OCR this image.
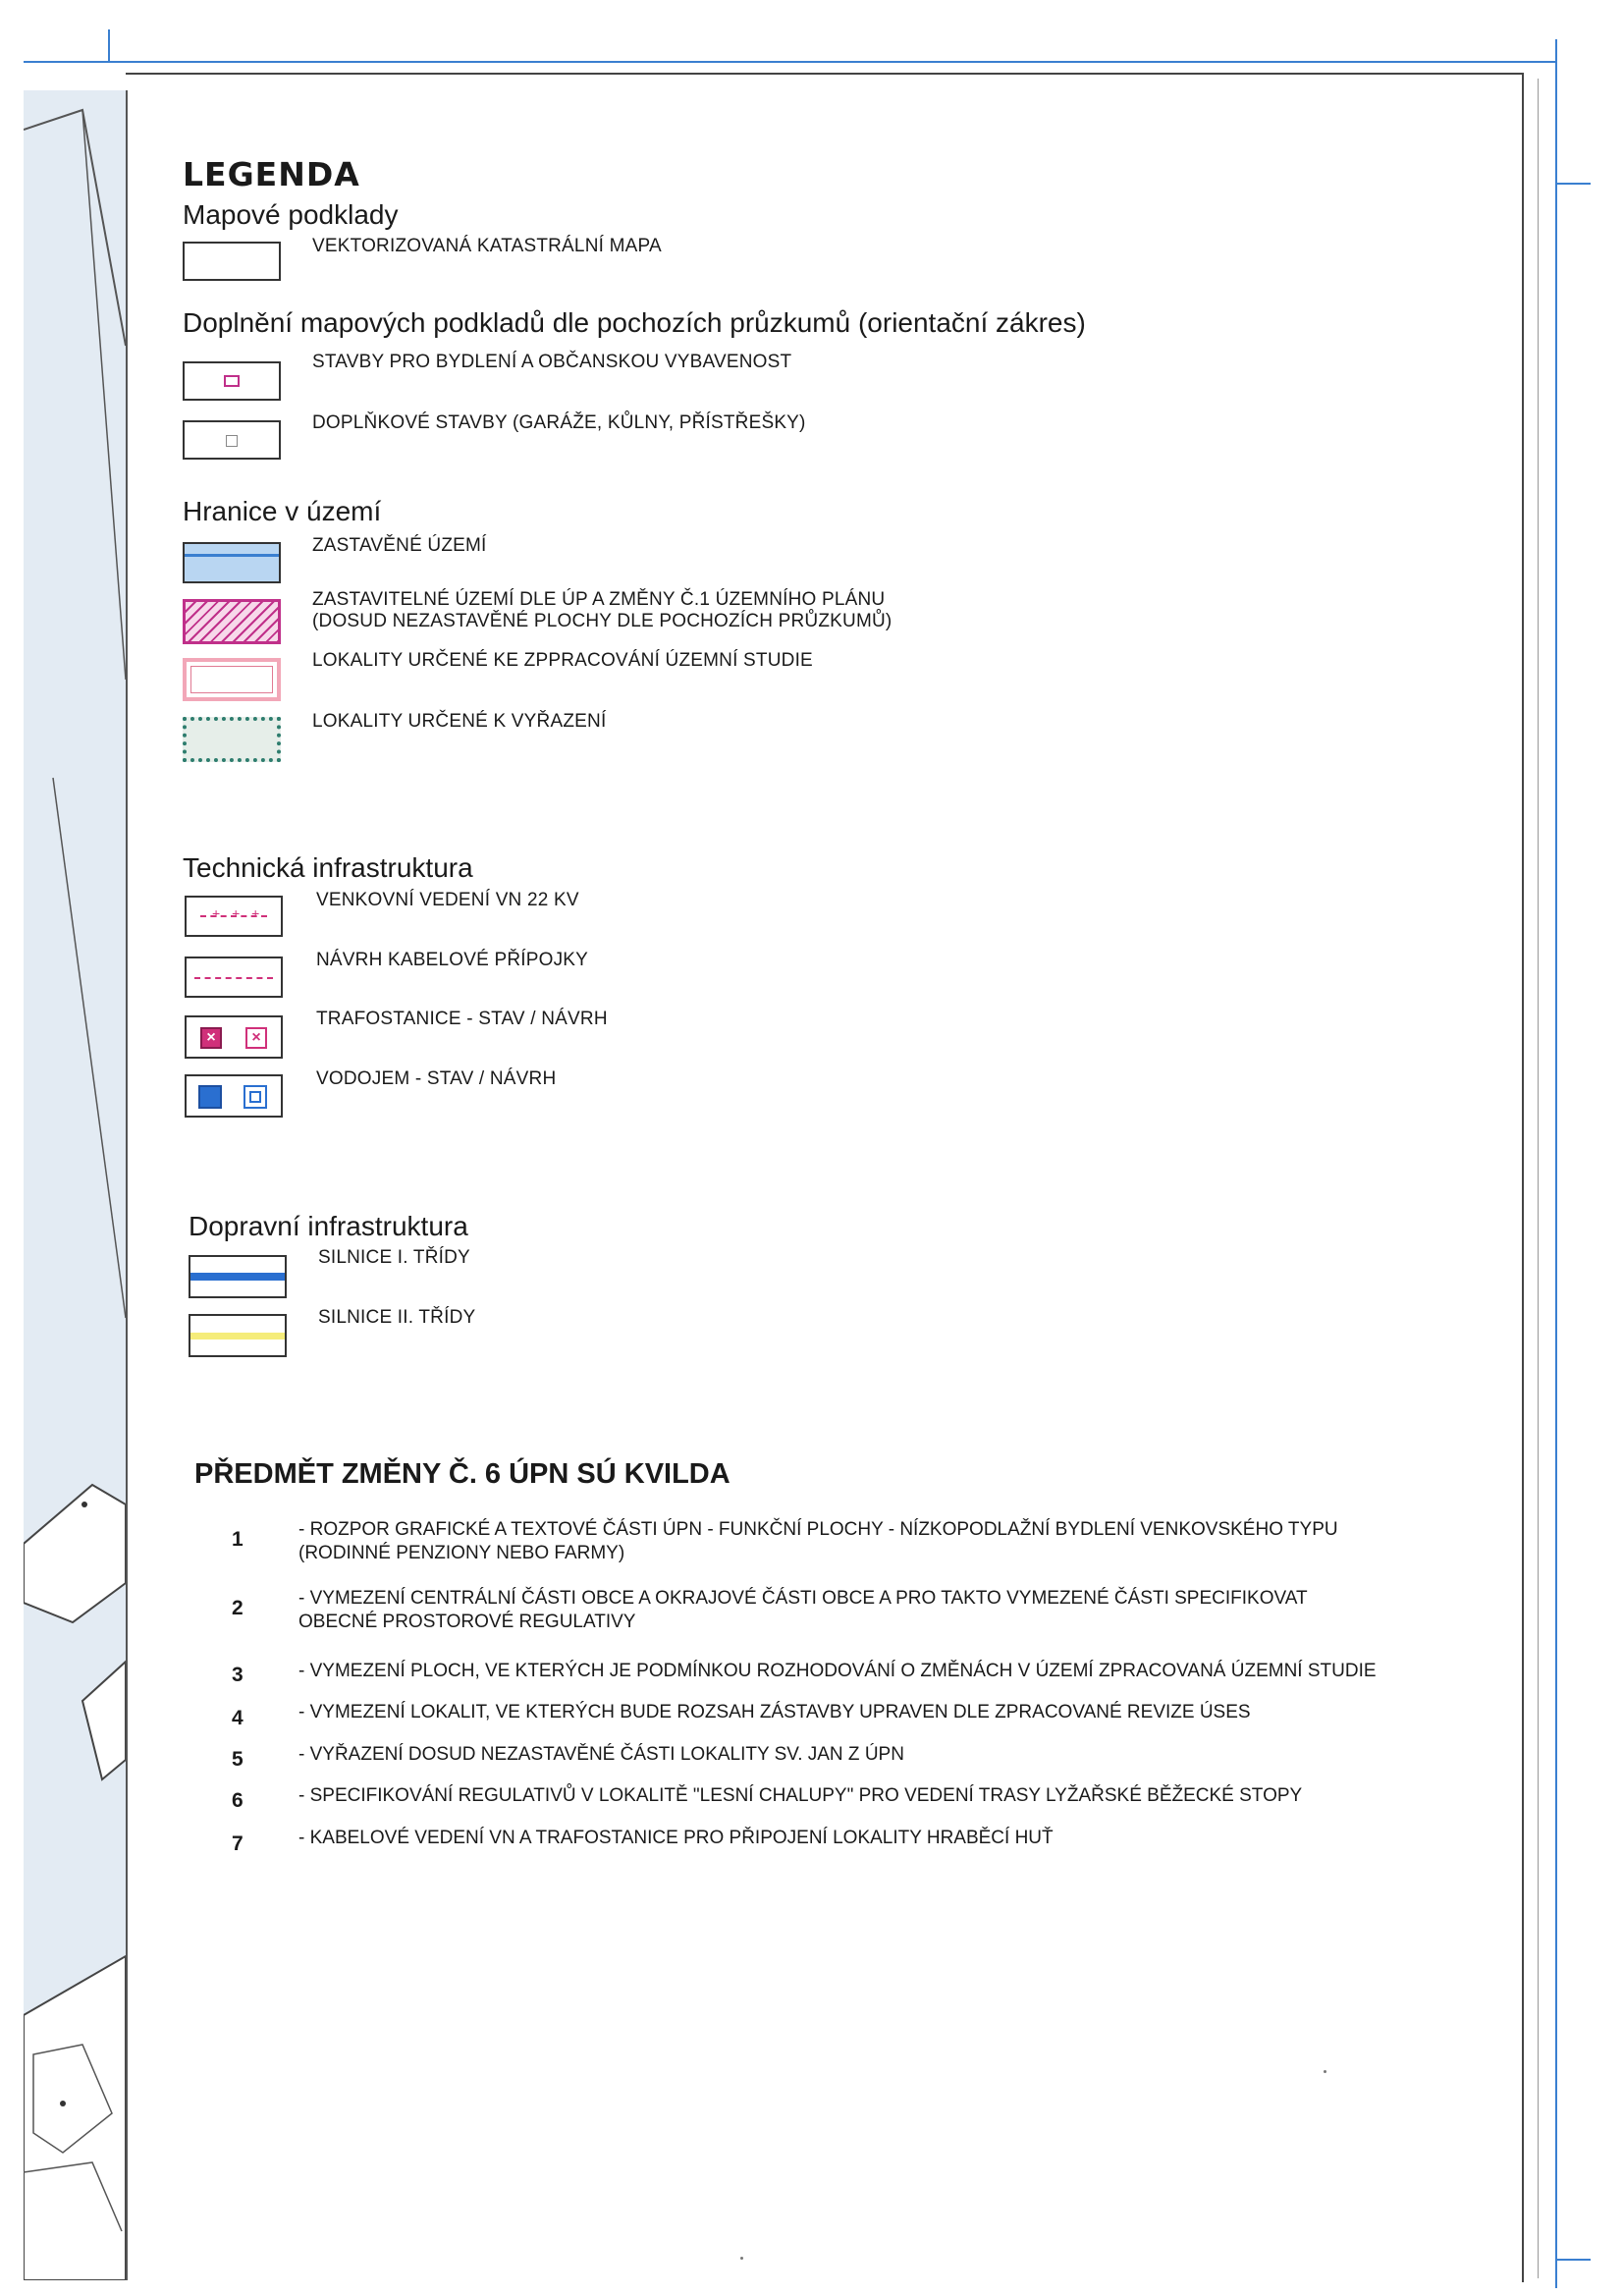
LEGENDA
Mapové podklady
VEKTORIZOVANÁ KATASTRÁLNÍ MAPA
Doplnění mapových podkladů dle pochozích průzkumů (orientační zákres)
STAVBY PRO BYDLENÍ A OBČANSKOU VYBAVENOST
DOPLŇKOVÉ STAVBY (GARÁŽE, KŮLNY, PŘÍSTŘEŠKY)
Hranice v území
ZASTAVĚNÉ ÚZEMÍ
ZASTAVITELNÉ ÚZEMÍ DLE ÚP A ZMĚNY Č.1 ÚZEMNÍHO PLÁNU
(DOSUD NEZASTAVĚNÉ PLOCHY DLE POCHOZÍCH PRŮZKUMŮ)
LOKALITY URČENÉ KE ZPPRACOVÁNÍ ÚZEMNÍ STUDIE
LOKALITY URČENÉ K VYŘAZENÍ
Technická infrastruktura
+ + +
VENKOVNÍ VEDENÍ VN 22 KV
NÁVRH KABELOVÉ PŘÍPOJKY
×	×
TRAFOSTANICE - STAV / NÁVRH
VODOJEM - STAV / NÁVRH
Dopravní infrastruktura
SILNICE I. TŘÍDY
SILNICE II. TŘÍDY
PŘEDMĚT ZMĚNY Č. 6 ÚPN SÚ KVILDA
1	- ROZPOR GRAFICKÉ A TEXTOVÉ ČÁSTI ÚPN - FUNKČNÍ PLOCHY - NÍZKOPODLAŽNÍ BYDLENÍ VENKOVSKÉHO TYPU
(RODINNÉ PENZIONY NEBO FARMY)
2	- VYMEZENÍ CENTRÁLNÍ ČÁSTI OBCE A OKRAJOVÉ ČÁSTI OBCE A PRO TAKTO VYMEZENÉ ČÁSTI SPECIFIKOVAT
OBECNÉ PROSTOROVÉ REGULATIVY
3	- VYMEZENÍ PLOCH, VE KTERÝCH JE PODMÍNKOU ROZHODOVÁNÍ O ZMĚNÁCH V ÚZEMÍ ZPRACOVANÁ ÚZEMNÍ STUDIE
4	- VYMEZENÍ LOKALIT, VE KTERÝCH BUDE ROZSAH ZÁSTAVBY UPRAVEN DLE ZPRACOVANÉ REVIZE ÚSES
5	- VYŘAZENÍ DOSUD NEZASTAVĚNÉ ČÁSTI LOKALITY SV. JAN Z ÚPN
6	- SPECIFIKOVÁNÍ REGULATIVŮ V LOKALITĚ "LESNÍ CHALUPY" PRO VEDENÍ TRASY LYŽAŘSKÉ BĚŽECKÉ STOPY
7	- KABELOVÉ VEDENÍ VN A TRAFOSTANICE PRO PŘIPOJENÍ LOKALITY HRABĚCÍ HUŤ
